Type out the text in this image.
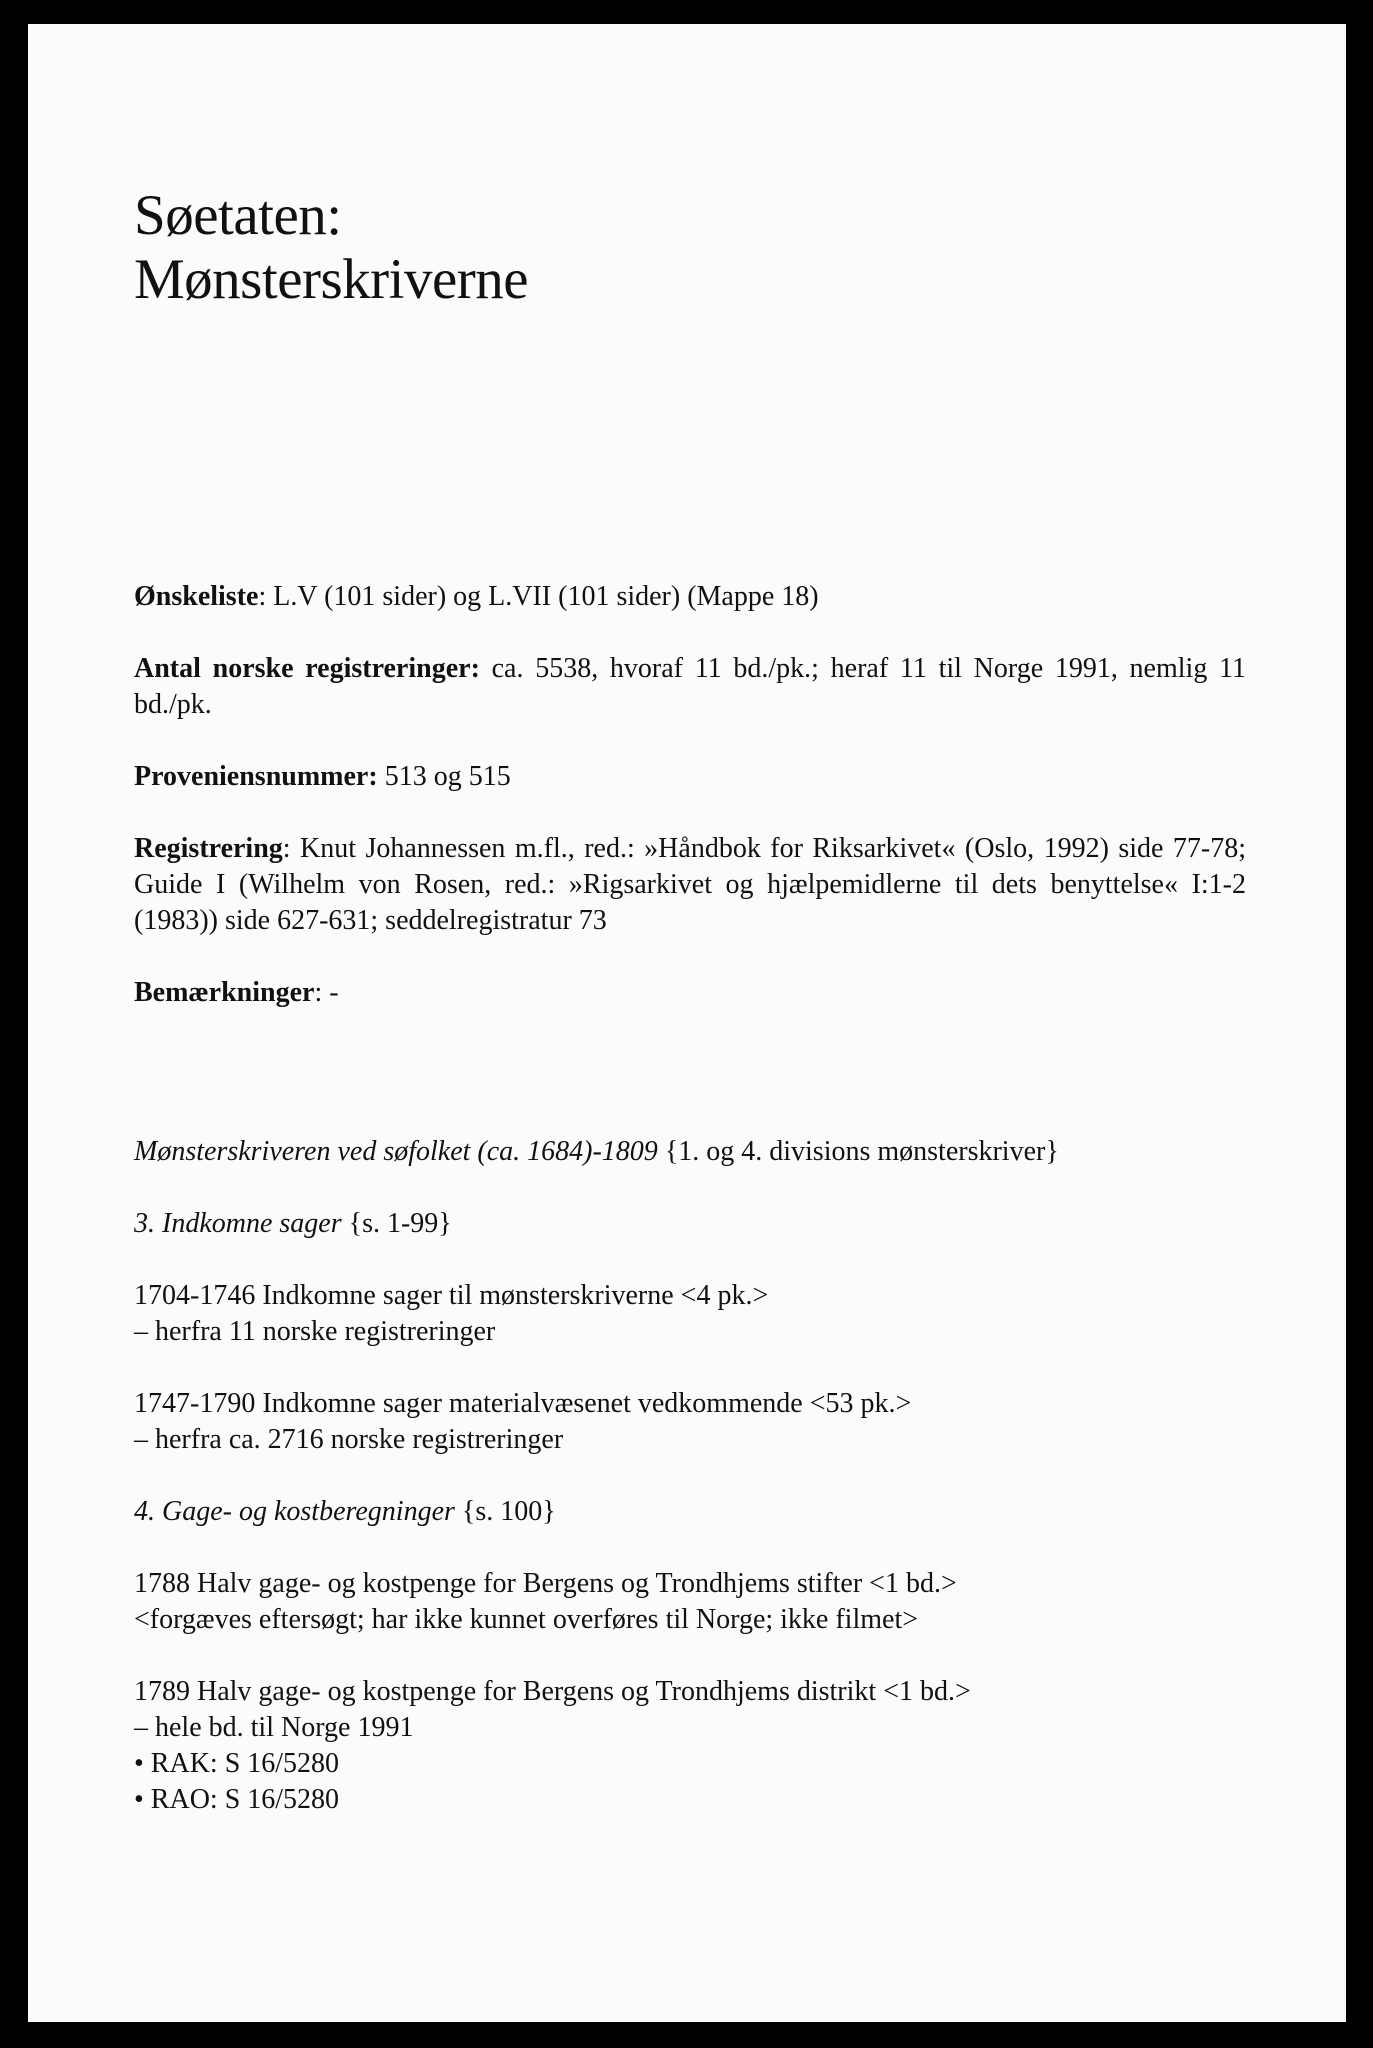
Søetaten:
Mønsterskriverne

Ønskeliste: L.V (101 sider) og L.VII (101 sider) (Mappe 18)

Antal norske registreringer: ca. 5538, hvoraf 11 bd./pk.; heraf 11 til Norge 1991, nemlig 11 bd./pk.

Proveniensnummer: 513 og 515

Registrering: Knut Johannessen m.fl., red.: »Håndbok for Riksarkivet« (Oslo, 1992) side 77-78; Guide I (Wilhelm von Rosen, red.: »Rigsarkivet og hjælpemidlerne til dets benyttelse« I:1-2 (1983)) side 627-631; seddelregistratur 73

Bemærkninger: -

Mønsterskriveren ved søfolket (ca. 1684)-1809 {1. og 4. divisions mønsterskriver}

3. Indkomne sager {s. 1-99}

1704-1746 Indkomne sager til mønsterskriverne <4 pk.>
– herfra 11 norske registreringer

1747-1790 Indkomne sager materialvæsenet vedkommende <53 pk.>
– herfra ca. 2716 norske registreringer

4. Gage- og kostberegninger {s. 100}

1788 Halv gage- og kostpenge for Bergens og Trondhjems stifter <1 bd.>
<forgæves eftersøgt; har ikke kunnet overføres til Norge; ikke filmet>

1789 Halv gage- og kostpenge for Bergens og Trondhjems distrikt <1 bd.>
– hele bd. til Norge 1991
• RAK: S 16/5280
• RAO: S 16/5280
